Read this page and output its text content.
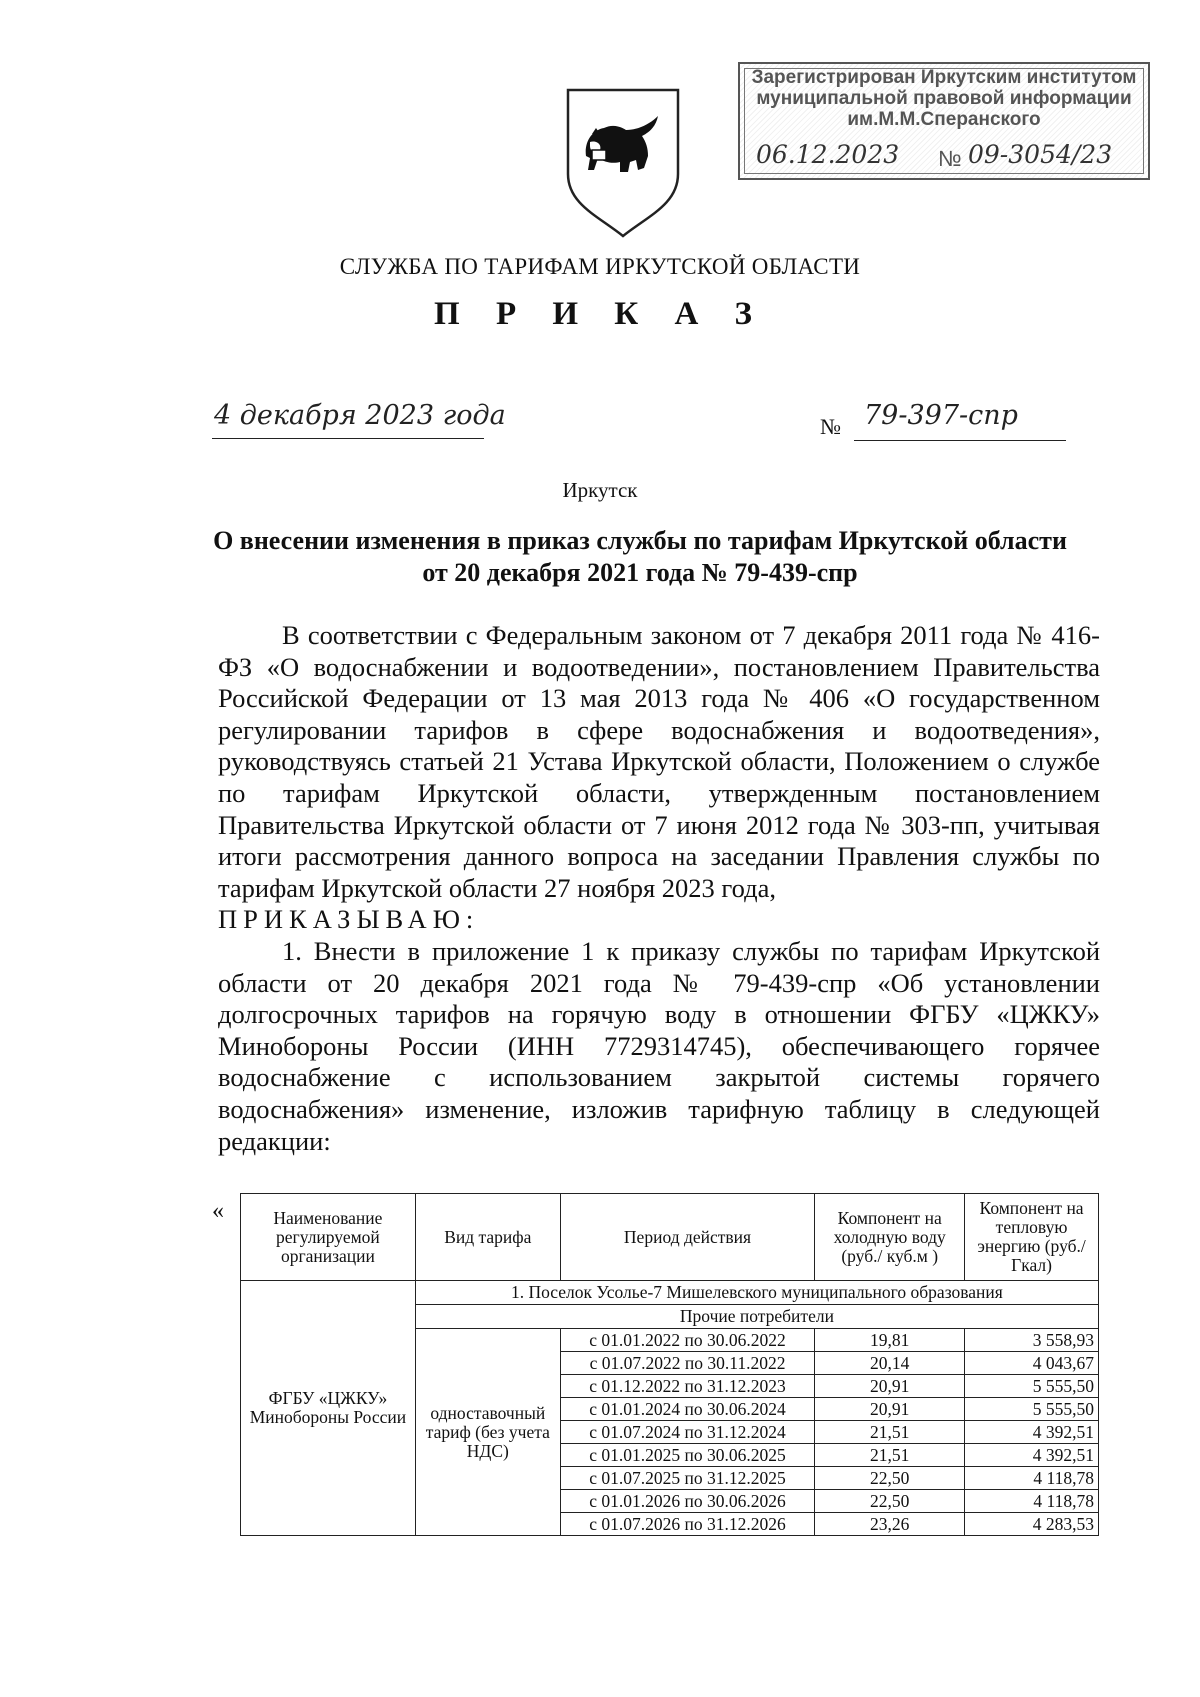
Зарегистрирован Иркутским институтом
муниципальной правовой информации
им.М.М.Сперанского
06.12.2023 № 09-3054/23
СЛУЖБА ПО ТАРИФАМ ИРКУТСКОЙ ОБЛАСТИ
П Р И К А З
4 декабря 2023 года	№ 79-397-спр
Иркутск
О внесении изменения в приказ службы по тарифам Иркутской области
от 20 декабря 2021 года № 79-439-спр

В соответствии с Федеральным законом от 7 декабря 2011 года № 416-ФЗ «О водоснабжении и водоотведении», постановлением Правительства Российской Федерации от 13 мая 2013 года № 406 «О государственном регулировании тарифов в сфере водоснабжения и водоотведения», руководствуясь статьей 21 Устава Иркутской области, Положением о службе по тарифам Иркутской области, утвержденным постановлением Правительства Иркутской области от 7 июня 2012 года № 303-пп, учитывая итоги рассмотрения данного вопроса на заседании Правления службы по тарифам Иркутской области 27 ноября 2023 года,

ПРИКАЗЫВАЮ:

1. Внести в приложение 1 к приказу службы по тарифам Иркутской области от 20 декабря 2021 года № 79-439-спр «Об установлении долгосрочных тарифов на горячую воду в отношении ФГБУ «ЦЖКУ» Минобороны России (ИНН 7729314745), обеспечивающего горячее водоснабжение с использованием закрытой системы горячего водоснабжения» изменение, изложив тарифную таблицу в следующей редакции:

«	Наименование регулируемой организации	Вид тарифа	Период действия	Компонент на холодную воду (руб./ куб.м )	Компонент на тепловую энергию (руб./Гкал)
ФГБУ «ЦЖКУ» Минобороны России	1. Поселок Усолье-7 Мишелевского муниципального образования			
	Прочие потребители			
	одноставочный тариф (без учета НДС)	с 01.01.2022 по 30.06.2022	19,81	3 558,93
		с 01.07.2022 по 30.11.2022	20,14	4 043,67
		с 01.12.2022 по 31.12.2023	20,91	5 555,50
		с 01.01.2024 по 30.06.2024	20,91	5 555,50
		с 01.07.2024 по 31.12.2024	21,51	4 392,51
		с 01.01.2025 по 30.06.2025	21,51	4 392,51
		с 01.07.2025 по 31.12.2025	22,50	4 118,78
		с 01.01.2026 по 30.06.2026	22,50	4 118,78
		с 01.07.2026 по 31.12.2026	23,26	4 283,53
